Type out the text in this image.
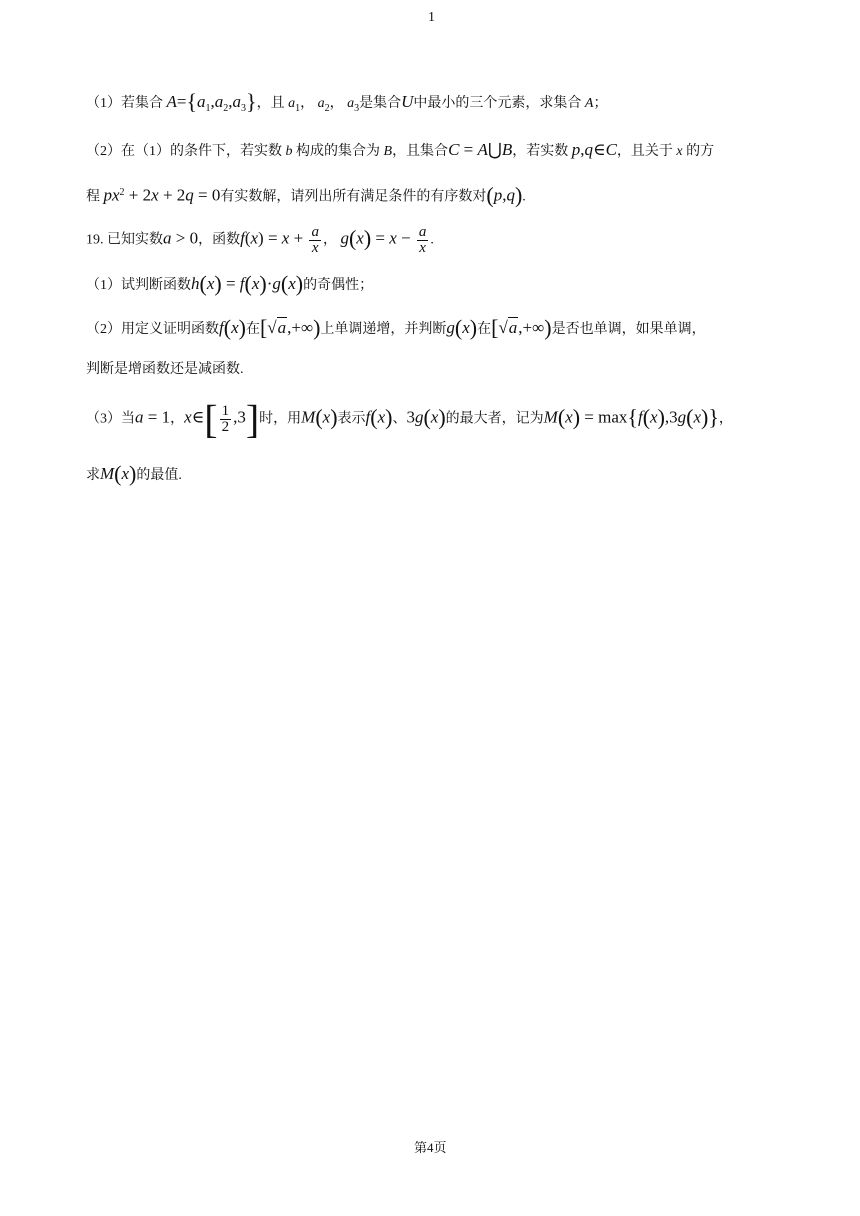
1
（1）若集合 $A=\{a_1,a_2,a_3\}$，且 $a_1$， $a_2$， $a_3$是集合U中最小的三个元素，求集合 A；
（2）在（1）的条件下，若实数 b 构成的集合为 B，且集合C = A⋃B，若实数 p,q∈C，且关于 x 的方
程 $px^2 + 2x + 2q = 0$有实数解，请列出所有满足条件的有序数对(p,q).
19. 已知实数a > 0，函数$f(x) = x + \frac{a}{x}$ ， $g(x) = x - \frac{a}{x}$ .
（1）试判断函数h(x) = f(x)·g(x)的奇偶性；
（2）用定义证明函数f(x)在[√a,+∞)上单调递增，并判断g(x)在[√a,+∞)是否也单调，如果单调，
判断是增函数还是减函数.
（3）当a = 1，x∈[ $\frac{1}{2} ,3$]时，用M(x)表示f(x)、3g(x)的最大者，记为M(x) = max{f(x),3g(x)}，
求M(x)的最值.
第4页
